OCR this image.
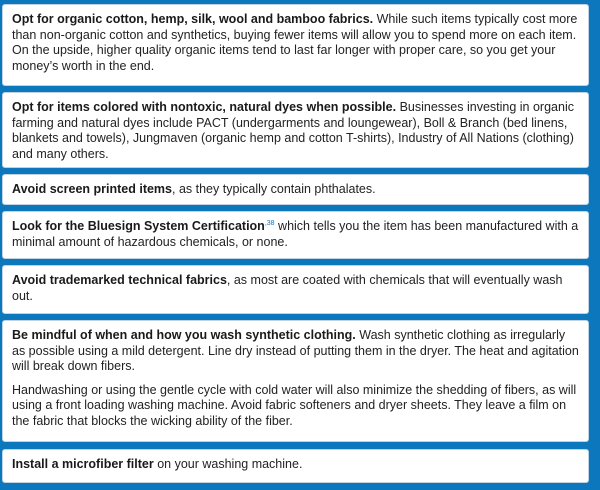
Opt for organic cotton, hemp, silk, wool and bamboo fabrics. While such items typically cost more than non-organic cotton and synthetics, buying fewer items will allow you to spend more on each item. On the upside, higher quality organic items tend to last far longer with proper care, so you get your money’s worth in the end.

Opt for items colored with nontoxic, natural dyes when possible. Businesses investing in organic farming and natural dyes include PACT (undergarments and loungewear), Boll & Branch (bed linens, blankets and towels), Jungmaven (organic hemp and cotton T-shirts), Industry of All Nations (clothing) and many others.

Avoid screen printed items, as they typically contain phthalates.

Look for the Bluesign System Certification$^{,38}$ which tells you the item has been manufactured with a minimal amount of hazardous chemicals, or none.

Avoid trademarked technical fabrics, as most are coated with chemicals that will eventually wash out.

Be mindful of when and how you wash synthetic clothing. Wash synthetic clothing as irregularly as possible using a mild detergent. Line dry instead of putting them in the dryer. The heat and agitation will break down fibers.

Handwashing or using the gentle cycle with cold water will also minimize the shedding of fibers, as will using a front loading washing machine. Avoid fabric softeners and dryer sheets. They leave a film on the fabric that blocks the wicking ability of the fiber.

Install a microfiber filter on your washing machine.
